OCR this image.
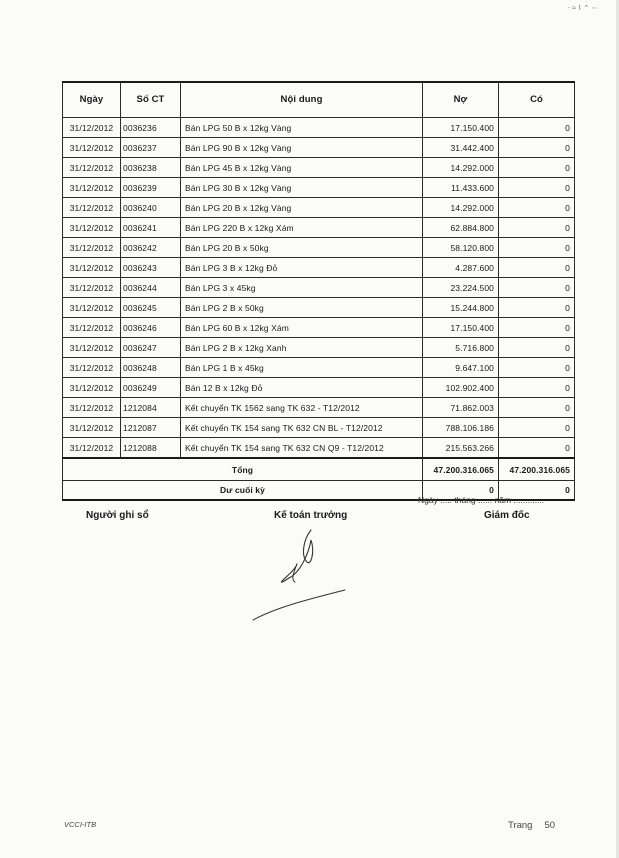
⋅ ≈ ⌇ ⌃ ⋯
Ngày	Số CT	Nội dung	Nợ	Có
31/12/2012	0036236	Bán LPG 50 B x 12kg Vàng	17.150.400	0
31/12/2012	0036237	Bán LPG 90 B x 12kg Vàng	31.442.400	0
31/12/2012	0036238	Bán LPG 45 B x 12kg Vàng	14.292.000	0
31/12/2012	0036239	Bán LPG 30 B x 12kg Vàng	11.433.600	0
31/12/2012	0036240	Bán LPG 20 B x 12kg Vàng	14.292.000	0
31/12/2012	0036241	Bán LPG 220 B x 12kg Xám	62.884.800	0
31/12/2012	0036242	Bán LPG 20 B x 50kg	58.120.800	0
31/12/2012	0036243	Bán LPG 3 B x 12kg Đỏ	4.287.600	0
31/12/2012	0036244	Bán LPG 3 x 45kg	23.224.500	0
31/12/2012	0036245	Bán LPG 2 B x 50kg	15.244.800	0
31/12/2012	0036246	Bán LPG 60 B x 12kg Xám	17.150.400	0
31/12/2012	0036247	Bán LPG 2 B x 12kg Xanh	5.716.800	0
31/12/2012	0036248	Bán LPG 1 B x 45kg	9.647.100	0
31/12/2012	0036249	Bán 12 B x 12kg Đỏ	102.902.400	0
31/12/2012	1212084	Kết chuyển TK 1562 sang TK 632 - T12/2012	71.862.003	0
31/12/2012	1212087	Kết chuyển TK 154 sang TK 632 CN BL - T12/2012	788.106.186	0
31/12/2012	1212088	Kết chuyển TK 154 sang TK 632 CN Q9 - T12/2012	215.563.266	0
Tổng			47.200.316.065	47.200.316.065
Dư cuối kỳ			0	0
Ngày ..... tháng ...... năm .............
Người ghi sổ	Kế toán trưởng	Giám đốc
VCCI-ITB	Trang 50
